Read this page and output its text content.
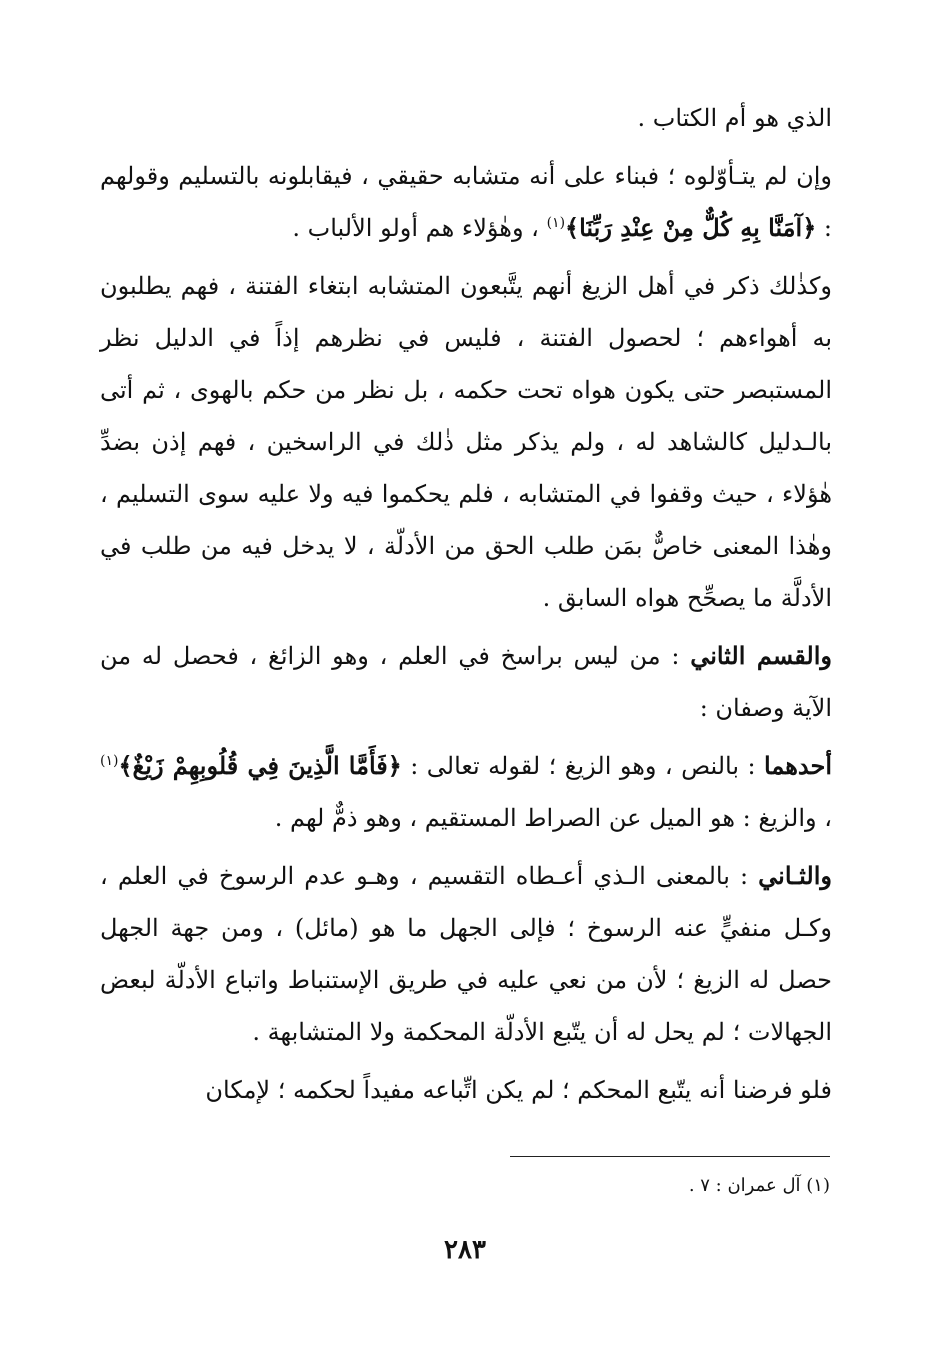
الذي هو أم الكتاب .

وإن لم يتـأوّلوه ؛ فبناء على أنه متشابه حقيقي ، فيقابلونه بالتسليم وقولهم : ﴿آمَنَّا بِهِ كُلٌّ مِنْ عِنْدِ رَبِّنَا﴾$^{(١)}$ ، وهٰؤلاء هم أولو الألباب .

وكذٰلك ذكر في أهل الزيغ أنهم يتَّبعون المتشابه ابتغاء الفتنة ، فهم يطلبون به أهواءهم ؛ لحصول الفتنة ، فليس في نظرهم إذاً في الدليل نظر المستبصر حتى يكون هواه تحت حكمه ، بل نظر من حكم بالهوى ، ثم أتى بالـدليل كالشاهد له ، ولم يذكر مثل ذٰلك في الراسخين ، فهم إذن بضدِّ هٰؤلاء ، حيث وقفوا في المتشابه ، فلم يحكموا فيه ولا عليه سوى التسليم ، وهٰذا المعنى خاصٌّ بمَن طلب الحق من الأدلّة ، لا يدخل فيه من طلب في الأدلَّة ما يصحِّح هواه السابق .

والقسم الثاني : من ليس براسخ في العلم ، وهو الزائغ ، فحصل له من الآية وصفان :

أحدهما : بالنص ، وهو الزيغ ؛ لقوله تعالى : ﴿فَأَمَّا الَّذِينَ فِي قُلُوبِهِمْ زَيْغٌ﴾$^{(١)}$ ، والزيغ : هو الميل عن الصراط المستقيم ، وهو ذمٌّ لهم .

والثـاني : بالمعنى الـذي أعـطاه التقسيم ، وهـو عدم الرسوخ في العلم ، وكـل منفيٍّ عنه الرسوخ ؛ فإلى الجهل ما هو (مائل) ، ومن جهة الجهل حصل له الزيغ ؛ لأن من نعي عليه في طريق الإستنباط واتباع الأدلّة لبعض الجهالات ؛ لم يحل له أن يتّبع الأدلّة المحكمة ولا المتشابهة .

فلو فرضنا أنه يتّبع المحكم ؛ لم يكن اتِّباعه مفيداً لحكمه ؛ لإمكان

(١) آل عمران : ٧ .
٢٨٣
